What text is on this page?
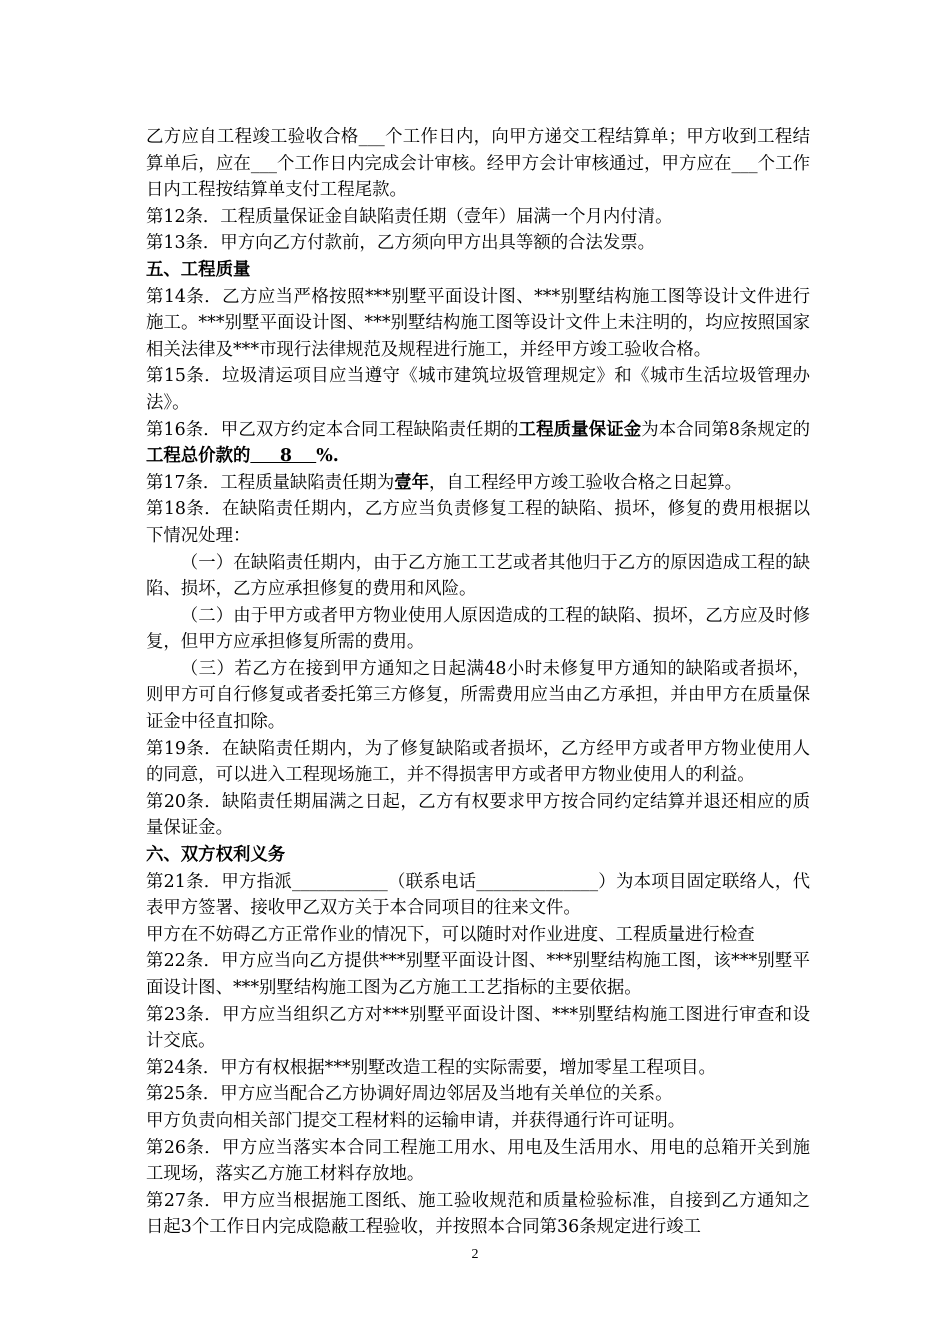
乙方应自工程竣工验收合格___个工作日内，向甲方递交工程结算单；甲方收到工程结算单后，应在___个工作日内完成会计审核。经甲方会计审核通过，甲方应在___个工作日内工程按结算单支付工程尾款。

第12条．工程质量保证金自缺陷责任期（壹年）届满一个月内付清。

第13条．甲方向乙方付款前，乙方须向甲方出具等额的合法发票。

五、工程质量

第14条．乙方应当严格按照***别墅平面设计图、***别墅结构施工图等设计文件进行施工。***别墅平面设计图、***别墅结构施工图等设计文件上未注明的，均应按照国家相关法律及***市现行法律规范及规程进行施工，并经甲方竣工验收合格。

第15条．垃圾清运项目应当遵守《城市建筑垃圾管理规定》和《城市生活垃圾管理办法》。

第16条．甲乙双方约定本合同工程缺陷责任期的工程质量保证金为本合同第8条规定的工程总价款的　  8    %.

第17条．工程质量缺陷责任期为壹年，自工程经甲方竣工验收合格之日起算。

第18条．在缺陷责任期内，乙方应当负责修复工程的缺陷、损坏，修复的费用根据以下情况处理：

（一）在缺陷责任期内，由于乙方施工工艺或者其他归于乙方的原因造成工程的缺陷、损坏，乙方应承担修复的费用和风险。

（二）由于甲方或者甲方物业使用人原因造成的工程的缺陷、损坏，乙方应及时修复，但甲方应承担修复所需的费用。

（三）若乙方在接到甲方通知之日起满48小时未修复甲方通知的缺陷或者损坏，则甲方可自行修复或者委托第三方修复，所需费用应当由乙方承担，并由甲方在质量保证金中径直扣除。

第19条．在缺陷责任期内，为了修复缺陷或者损坏，乙方经甲方或者甲方物业使用人的同意，可以进入工程现场施工，并不得损害甲方或者甲方物业使用人的利益。

第20条．缺陷责任期届满之日起，乙方有权要求甲方按合同约定结算并退还相应的质量保证金。

六、双方权利义务

第21条．甲方指派___________（联系电话______________）为本项目固定联络人，代表甲方签署、接收甲乙双方关于本合同项目的往来文件。

甲方在不妨碍乙方正常作业的情况下，可以随时对作业进度、工程质量进行检查

第22条．甲方应当向乙方提供***别墅平面设计图、***别墅结构施工图，该***别墅平面设计图、***别墅结构施工图为乙方施工工艺指标的主要依据。

第23条．甲方应当组织乙方对***别墅平面设计图、***别墅结构施工图进行审查和设计交底。

第24条．甲方有权根据***别墅改造工程的实际需要，增加零星工程项目。

第25条．甲方应当配合乙方协调好周边邻居及当地有关单位的关系。

甲方负责向相关部门提交工程材料的运输申请，并获得通行许可证明。

第26条．甲方应当落实本合同工程施工用水、用电及生活用水、用电的总箱开关到施工现场，落实乙方施工材料存放地。

第27条．甲方应当根据施工图纸、施工验收规范和质量检验标准，自接到乙方通知之日起3个工作日内完成隐蔽工程验收，并按照本合同第36条规定进行竣工

2
